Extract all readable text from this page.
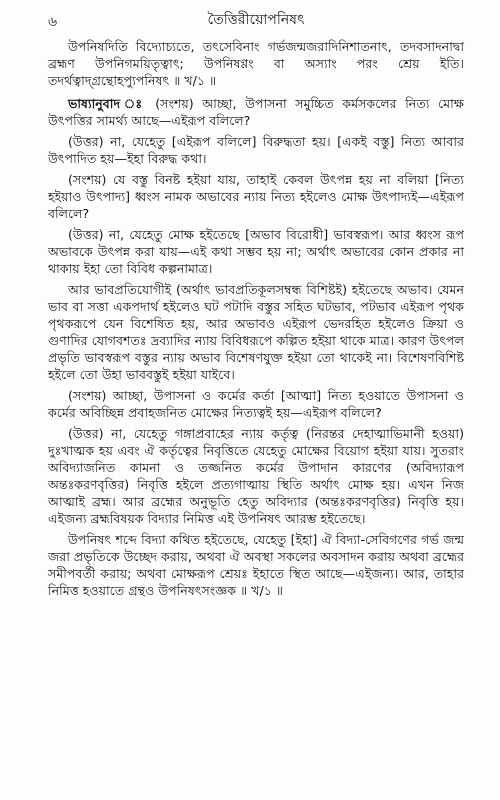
৬	তৈত্তিরীয়োপনিষৎ

উপনিষদিতি বিদ্যোচ্যতে, তৎসেবিনাং গর্ভজন্মজরাদিনিশাতনাৎ, তদবসাদনাদ্বা ব্রহ্মণ উপনিগময়িতৃত্বাৎ; উপনিষণ্ণং বা অস্যাং পরং শ্রেয় ইতি। তদর্থত্বাদ্‌গ্রন্থোহপ্যুপনিষৎ ॥ খ/১ ॥

ভাষ্যানুবাদ ঃ (সংশয়) আচ্ছা, উপাসনা সমুচ্চিত কর্মসকলের নিত্য মোক্ষ উৎপত্তির সামর্থ্য আছে—এইরূপ বলিলে?

(উত্তর) না, যেহেতু [এইরূপ বলিলে] বিরুদ্ধতা হয়। [একই বস্তু] নিত্য আবার উৎপাদিত হয়—ইহা বিরুদ্ধ কথা।

(সংশয়) যে বস্তু বিনষ্ট হইয়া যায়, তাহাই কেবল উৎপন্ন হয় না বলিয়া [নিত্য হইয়াও উৎপাদ্য] ধ্বংস নামক অভাবের ন্যায় নিত্য হইলেও মোক্ষ উৎপাদ্যই—এইরূপ বলিলে?

(উত্তর) না, যেহেতু মোক্ষ হইতেছে [অভাব বিরোধী] ভাবস্বরূপ। আর ধ্বংস রূপ অভাবকে উৎপন্ন করা যায়—এই কথা সম্ভব হয় না; অর্থাৎ অভাবের কোন প্রকার না থাকায় ইহা তো বিবিধ কল্পনামাত্র।

আর ভাবপ্রতিযোগীই (অর্থাৎ ভাবপ্রতিকূলসম্বন্ধ বিশিষ্টই) হইতেছে অভাব। যেমন ভাব বা সত্তা একপদার্থ হইলেও ঘট পটাদি বস্তুর সহিত ঘটভাব, পটভাব এইরূপ পৃথক পৃথকরূপে যেন বিশেষিত হয়, আর অভাবও এইরূপ ভেদরহিত হইলেও ক্রিয়া ও গুণাদির যোগবশতঃ দ্রব্যাদির ন্যায় বিবিধরূপে কল্পিত হইয়া থাকে মাত্র। কারণ উৎপল প্রভৃতি ভাবস্বরূপ বস্তুর ন্যায় অভাব বিশেষণযুক্ত হইয়া তো থাকেই না। বিশেষণবিশিষ্ট হইলে তো উহা ভাববস্তুই হইয়া যাইবে।

(সংশয়) আচ্ছা, উপাসনা ও কর্মের কর্তা [আত্মা] নিত্য হওয়াতে উপাসনা ও কর্মের অবিচ্ছিন্ন প্রবাহজনিত মোক্ষের নিত্যত্বই হয়—এইরূপ বলিলে?

(উত্তর) না, যেহেতু গঙ্গাপ্রবাহের ন্যায় কর্তৃত্ব (নিরন্তর দেহাত্মাভিমানী হওয়া) দুঃখাত্মক হয় এবং ঐ কর্তৃত্বের নিবৃত্তিতে যেহেতু মোক্ষের বিয়োগ হইয়া যায়। সুতরাং অবিদ্যাজনিত কামনা ও তজ্জনিত কর্মের উপাদান কারণের (অবিদ্যারূপ অন্তঃকরণবৃত্তির) নিবৃত্তি হইলে প্রত্যগাত্মায় স্থিতি অর্থাৎ মোক্ষ হয়। এখন নিজ আত্মাই ব্রহ্ম। আর ব্রহ্মের অনুভূতি হেতু অবিদ্যার (অন্তঃকরণবৃত্তির) নিবৃত্তি হয়। এইজন্য ব্রহ্মবিষয়ক বিদ্যার নিমিত্ত এই উপনিষৎ আরম্ভ হইতেছে।

উপনিষৎ শব্দে বিদ্যা কথিত হইতেছে, যেহেতু [ইহা] ঐ বিদ্যা-সেবিগণের গর্ভ জন্ম জরা প্রভৃতিকে উচ্ছেদ করায়, অথবা ঐ অবস্থা সকলের অবসাদন করায় অথবা ব্রহ্মের সমীপবর্তী করায়; অথবা মোক্ষরূপ শ্রেয়ঃ ইহাতে স্থিত আছে—এইজন্য। আর, তাহার নিমিত্ত হওয়াতে গ্রন্থও উপনিষৎসংজ্ঞক ॥ খ/১ ॥
